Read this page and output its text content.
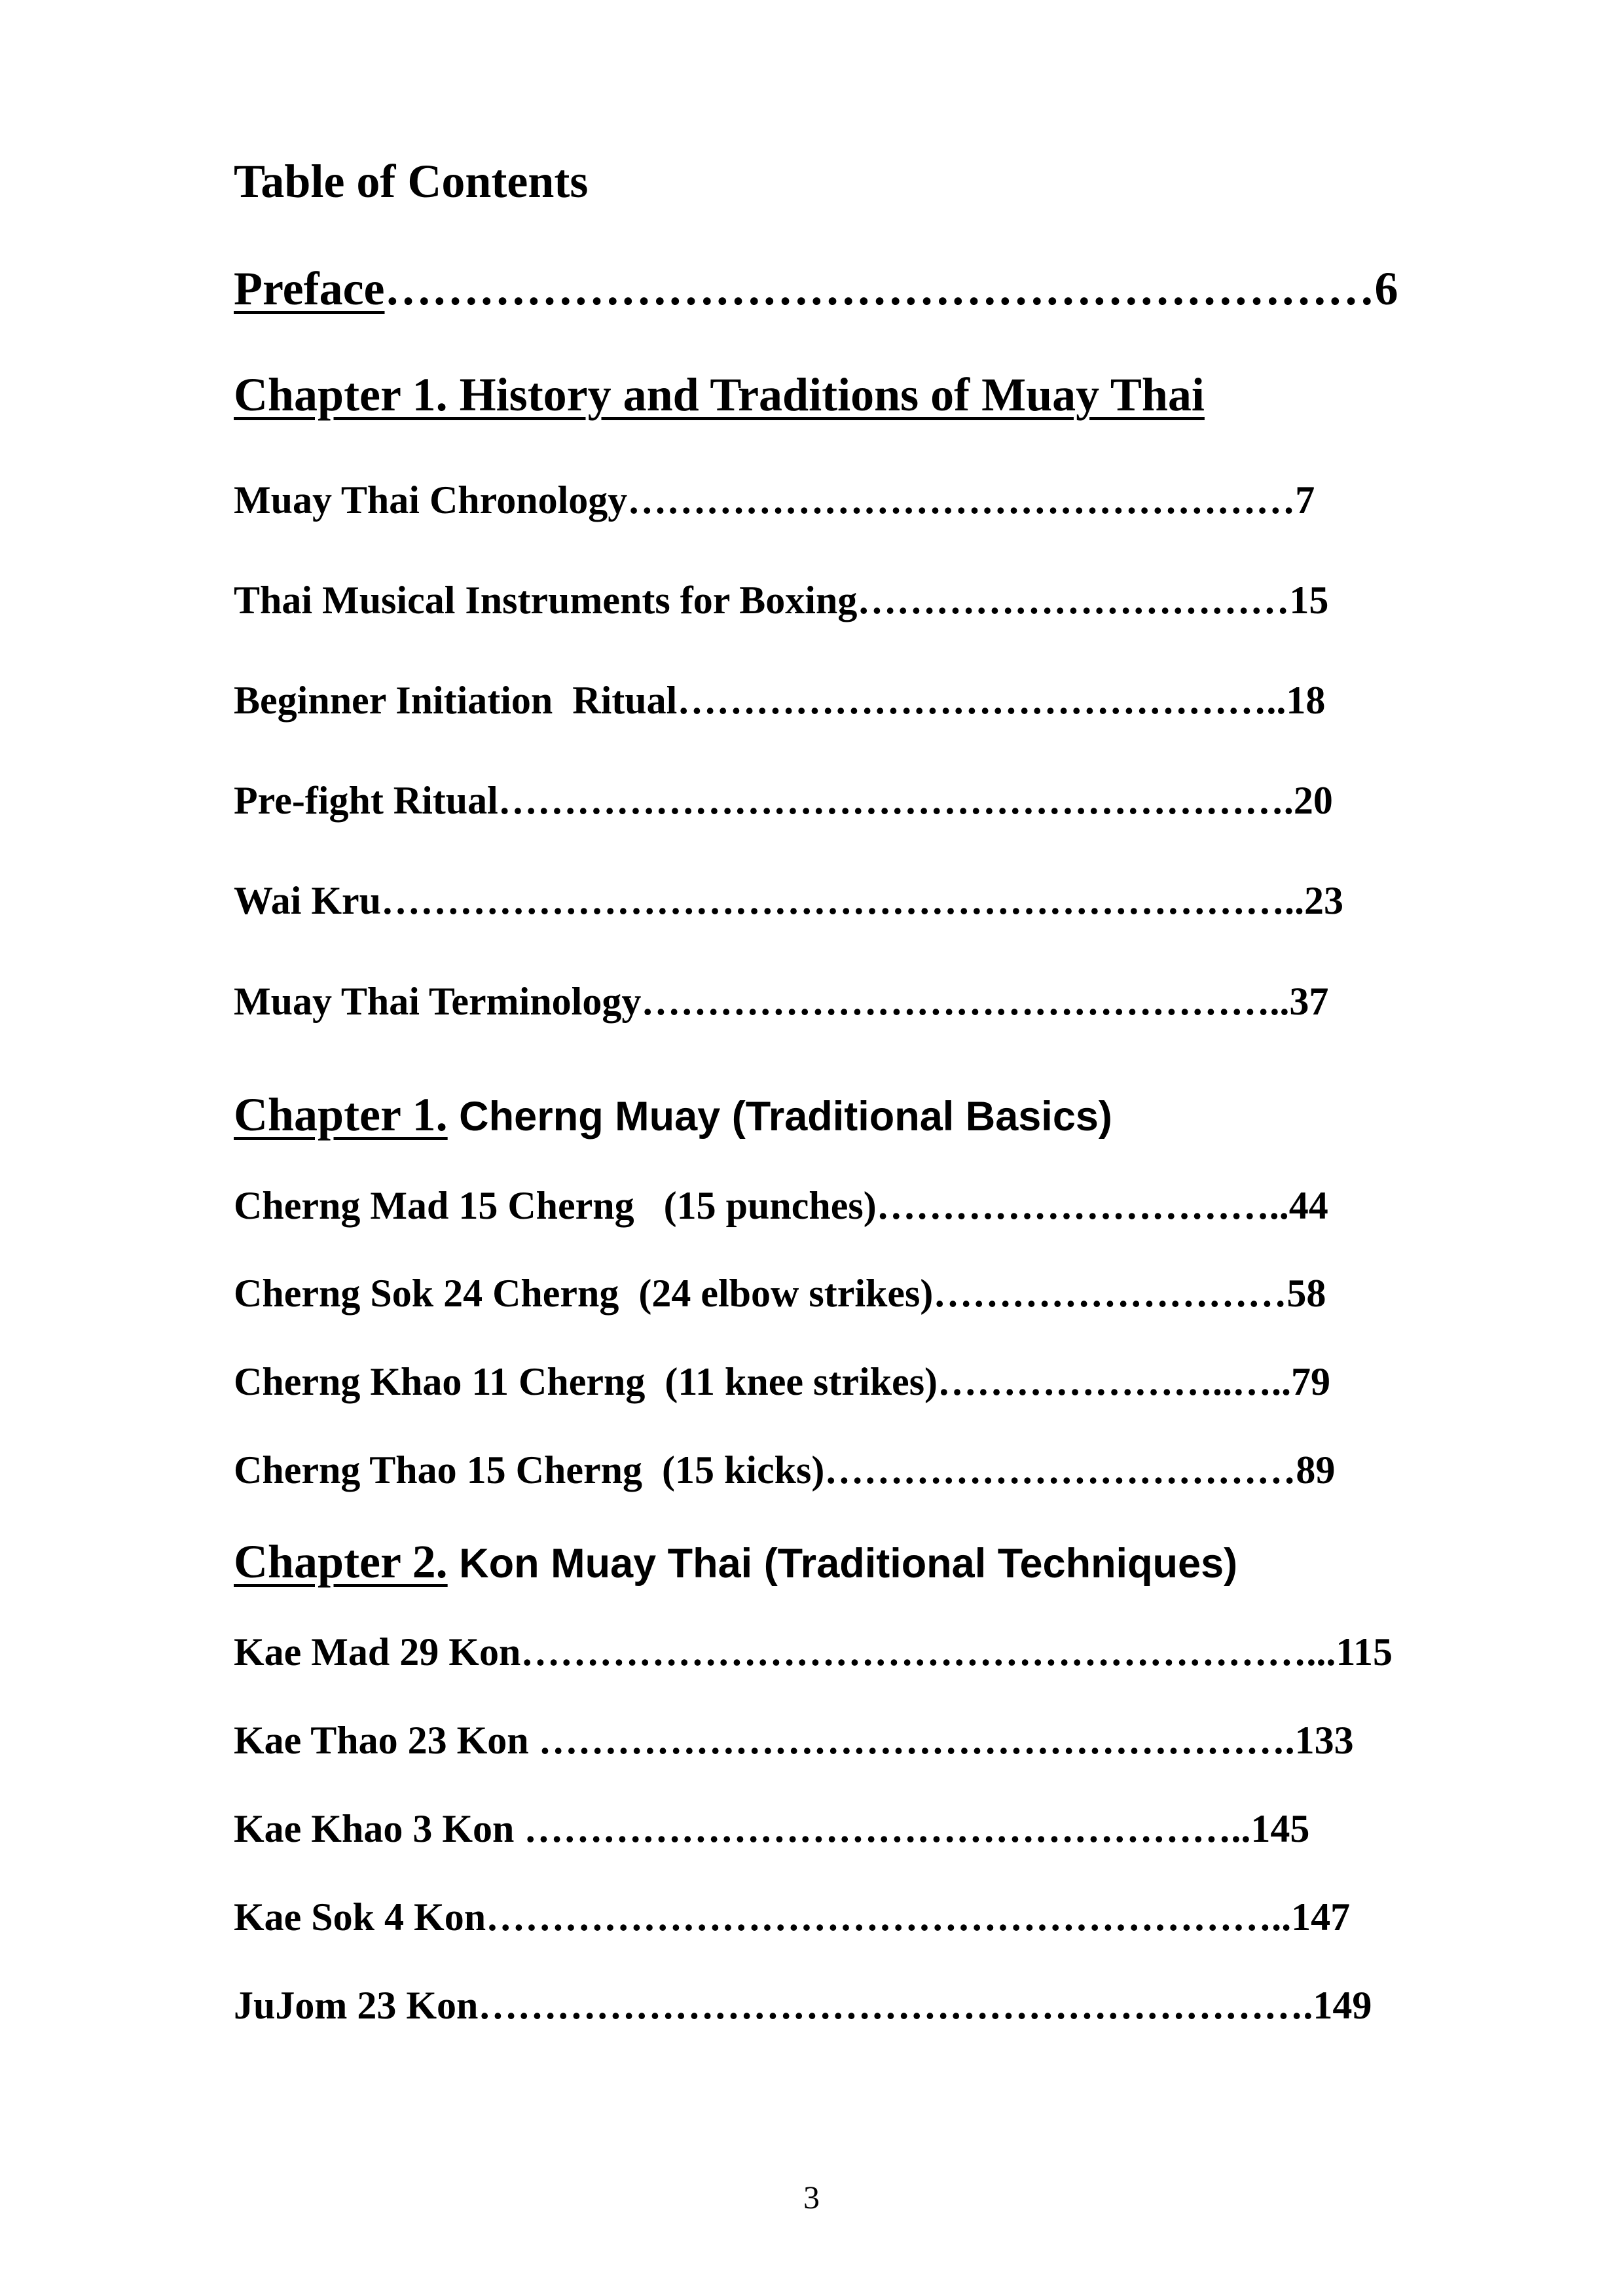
Table of Contents
Preface………………………………………………………6
Chapter 1. History and Traditions of Muay Thai
Muay Thai Chronology……………………………………………7
Thai Musical Instruments for Boxing……………………………15
Beginner Initiation  Ritual………………………………………..18
Pre-fight Ritual…………………………………………………….20
Wai Kru……………………………………………………………..23
Muay Thai Terminology…………………………………………..37
Chapter 1. Cherng Muay (Traditional Basics)
Cherng Mad 15 Cherng   (15 punches)…………………………..44
Cherng Sok 24 Cherng  (24 elbow strikes)………………………58
Cherng Khao 11 Cherng  (11 knee strikes)…………………..…..79
Cherng Thao 15 Cherng  (15 kicks)………………………………89
Chapter 2. Kon Muay Thai (Traditional Techniques)
Kae Mad 29 Kon……………………………………………………...115
Kae Thao 23 Kon ………………………………………………….133
Kae Khao 3 Kon ………………………………………………..145
Kae Sok 4 Kon……………………………………………………..147
JuJom 23 Kon……………………………………………………….149
3
